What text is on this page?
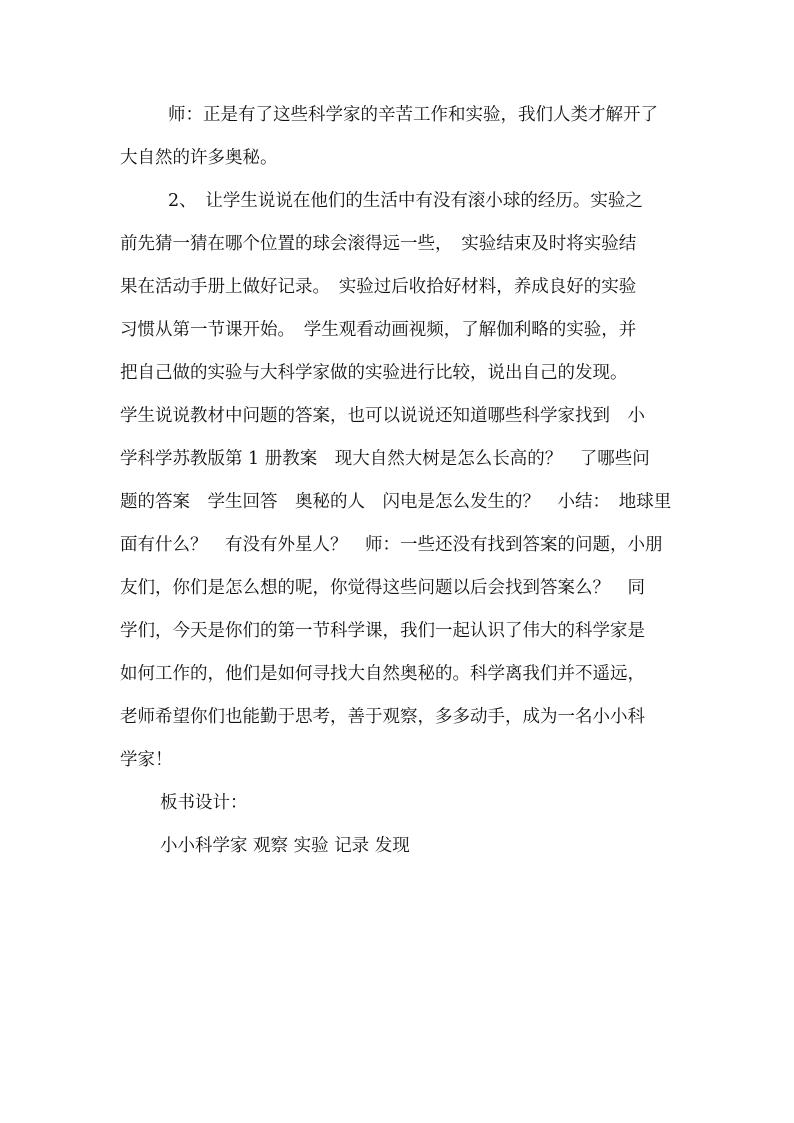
师：正是有了这些科学家的辛苦工作和实验，我们人类才解开了
大自然的许多奥秘。
2、　让学生说说在他们的生活中有没有滚小球的经历。实验之
前先猜一猜在哪个位置的球会滚得远一些，　实验结束及时将实验结
果在活动手册上做好记录。　实验过后收拾好材料，养成良好的实验
习惯从第一节课开始。　学生观看动画视频，了解伽利略的实验，并
把自己做的实验与大科学家做的实验进行比较，说出自己的发现。
学生说说教材中问题的答案，也可以说说还知道哪些科学家找到　小
学科学苏教版第 1 册教案　现大自然大树是怎么长高的？　了哪些问
题的答案　学生回答　奥秘的人　闪电是怎么发生的？　小结：　地球里
面有什么？　有没有外星人？　师：一些还没有找到答案的问题，小朋
友们，你们是怎么想的呢，你觉得这些问题以后会找到答案么？　同
学们，今天是你们的第一节科学课，我们一起认识了伟大的科学家是
如何工作的，他们是如何寻找大自然奥秘的。科学离我们并不遥远，
老师希望你们也能勤于思考，善于观察，多多动手，成为一名小小科
学家！
板书设计：
小小科学家 观察 实验 记录 发现
